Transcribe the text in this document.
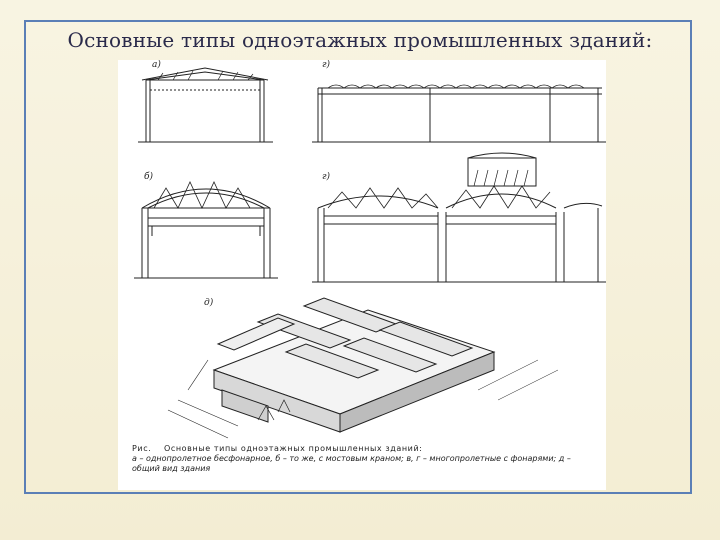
Основные типы одноэтажных промышленных зданий:
а)	г)
б)	г)
д)
Рис. Основные типы одноэтажных промышленных зданий:
а – однопролетное бесфонарное, б – то же, с мостовым краном; в, г – многопролетные с фонарями; д – общий вид здания
